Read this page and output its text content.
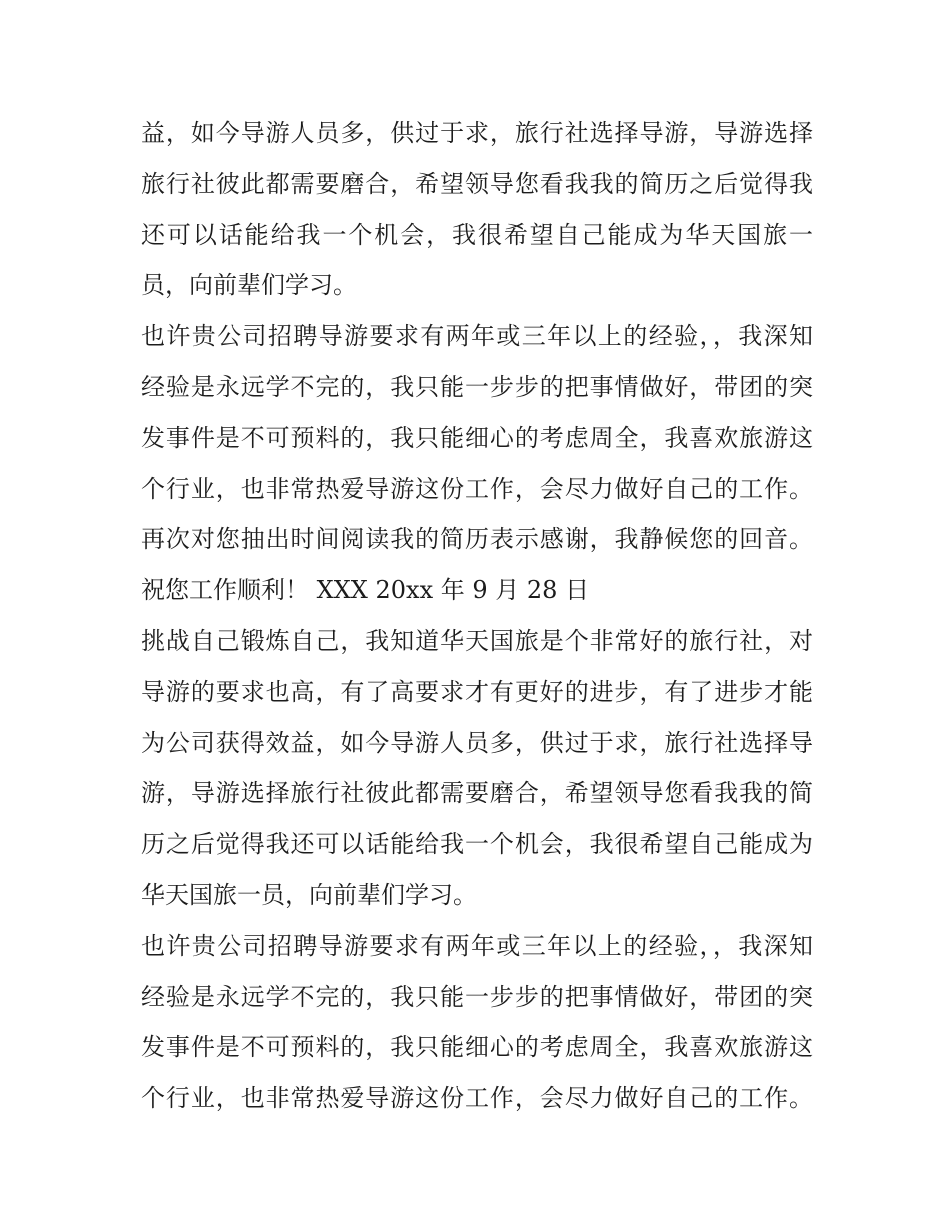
益，如今导游人员多，供过于求，旅行社选择导游，导游选择
旅行社彼此都需要磨合，希望领导您看我我的简历之后觉得我
还可以话能给我一个机会，我很希望自己能成为华天国旅一
员，向前辈们学习。
也许贵公司招聘导游要求有两年或三年以上的经验，，我深知
经验是永远学不完的，我只能一步步的把事情做好，带团的突
发事件是不可预料的，我只能细心的考虑周全，我喜欢旅游这
个行业，也非常热爱导游这份工作，会尽力做好自己的工作。
再次对您抽出时间阅读我的简历表示感谢，我静候您的回音。
祝您工作顺利！ XXX 20xx 年 9 月 28 日
挑战自己锻炼自己，我知道华天国旅是个非常好的旅行社，对
导游的要求也高，有了高要求才有更好的进步，有了进步才能
为公司获得效益，如今导游人员多，供过于求，旅行社选择导
游，导游选择旅行社彼此都需要磨合，希望领导您看我我的简
历之后觉得我还可以话能给我一个机会，我很希望自己能成为
华天国旅一员，向前辈们学习。
也许贵公司招聘导游要求有两年或三年以上的经验，，我深知
经验是永远学不完的，我只能一步步的把事情做好，带团的突
发事件是不可预料的，我只能细心的考虑周全，我喜欢旅游这
个行业，也非常热爱导游这份工作，会尽力做好自己的工作。
